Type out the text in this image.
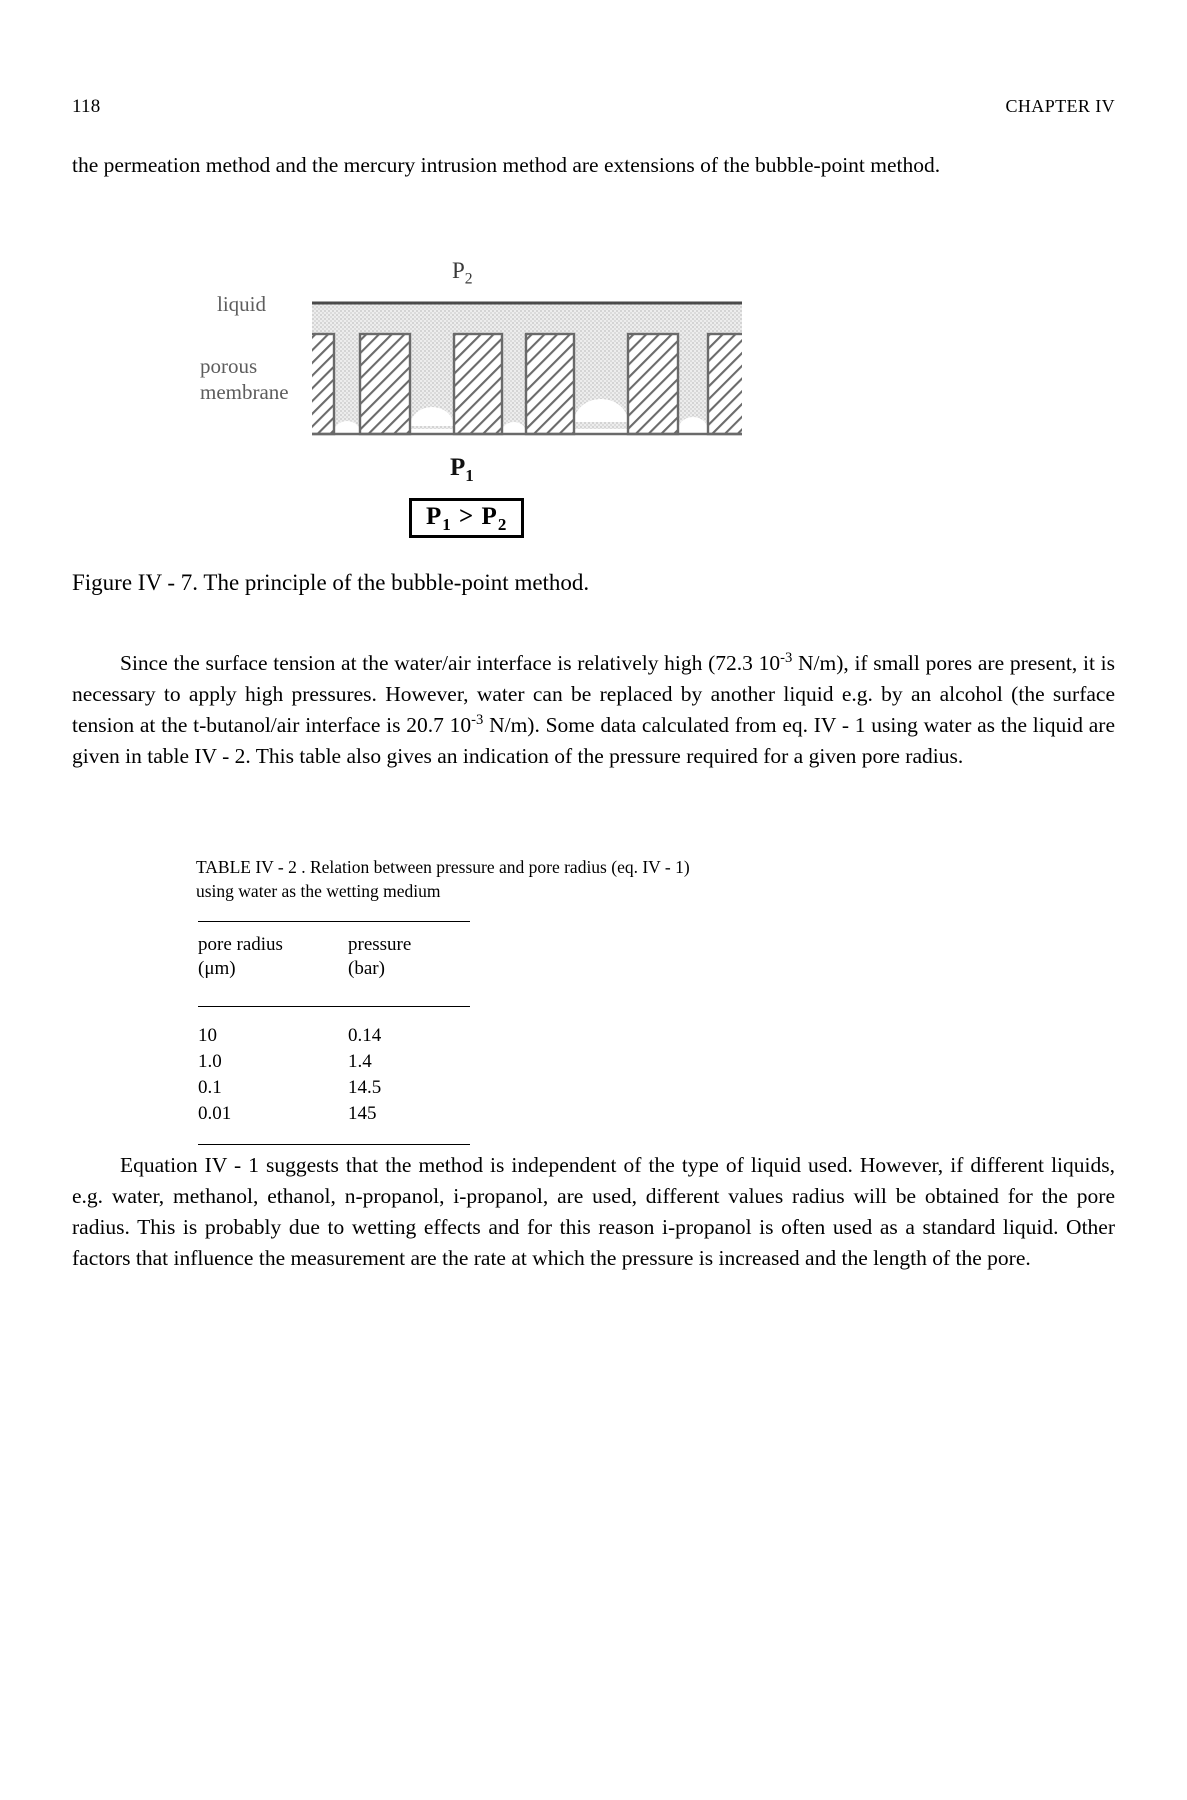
118	CHAPTER IV
the permeation method and the mercury intrusion method are extensions of the bubble-point method.
$P_2$
liquid
porous
membrane
$P_1$
$P_1 > P_2$
Figure IV - 7. The principle of the bubble-point method.
Since the surface tension at the water/air interface is relatively high (72.3 $10^{-3}$ N/m), if small pores are present, it is necessary to apply high pressures. However, water can be replaced by another liquid e.g. by an alcohol (the surface tension at the t-butanol/air interface is 20.7 $10^{-3}$ N/m). Some data calculated from eq. IV - 1 using water as the liquid are given in table IV - 2. This table also gives an indication of the pressure required for a given pore radius.
TABLE IV - 2 . Relation between pressure and pore radius (eq. IV - 1)
using water as the wetting medium

pore radius	pressure
(μm)	(bar)

10	0.14
1.0	1.4
0.1	14.5
0.01	145

Equation IV - 1 suggests that the method is independent of the type of liquid used. However, if different liquids, e.g. water, methanol, ethanol, n-propanol, i-propanol, are used, different values radius will be obtained for the pore radius. This is probably due to wetting effects and for this reason i-propanol is often used as a standard liquid. Other factors that influence the measurement are the rate at which the pressure is increased and the length of the pore.
